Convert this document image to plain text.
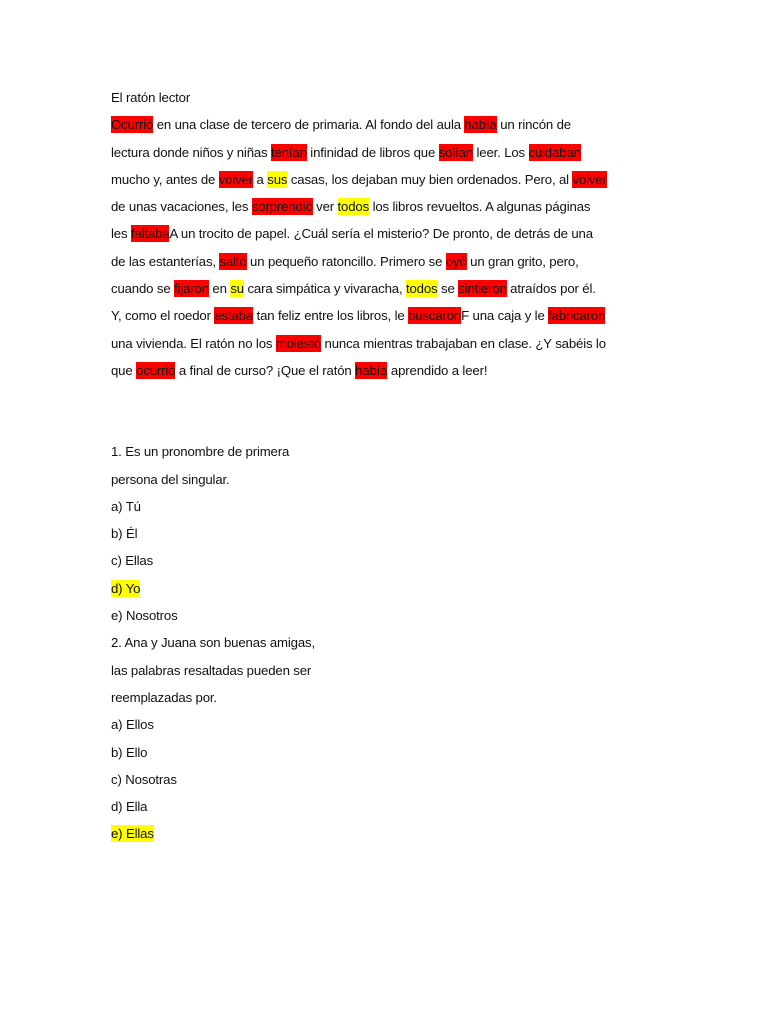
El ratón lector
Ocurrió en una clase de tercero de primaria. Al fondo del aula había un rincón de
lectura donde niños y niñas tenían infinidad de libros que solían leer. Los cuidaban
mucho y, antes de volver a sus casas, los dejaban muy bien ordenados. Pero, al volver
de unas vacaciones, les sorprendió ver todos los libros revueltos. A algunas páginas
les faltabaA un trocito de papel. ¿Cuál sería el misterio? De pronto, de detrás de una
de las estanterías, saltó un pequeño ratoncillo. Primero se oyó un gran grito, pero,
cuando se fijaron en su cara simpática y vivaracha, todos se sintieron atraídos por él.
Y, como el roedor estaba tan feliz entre los libros, le buscaronF una caja y le fabricaron
una vivienda. El ratón no los molestó nunca mientras trabajaban en clase. ¿Y sabéis lo
que ocurrió a final de curso? ¡Que el ratón había aprendido a leer!
1. Es un pronombre de primera
persona del singular.
a) Tú
b) Él
c) Ellas
d) Yo
e) Nosotros
2. Ana y Juana son buenas amigas,
las palabras resaltadas pueden ser
reemplazadas por.
a) Ellos
b) Ello
c) Nosotras
d) Ella
e) Ellas
